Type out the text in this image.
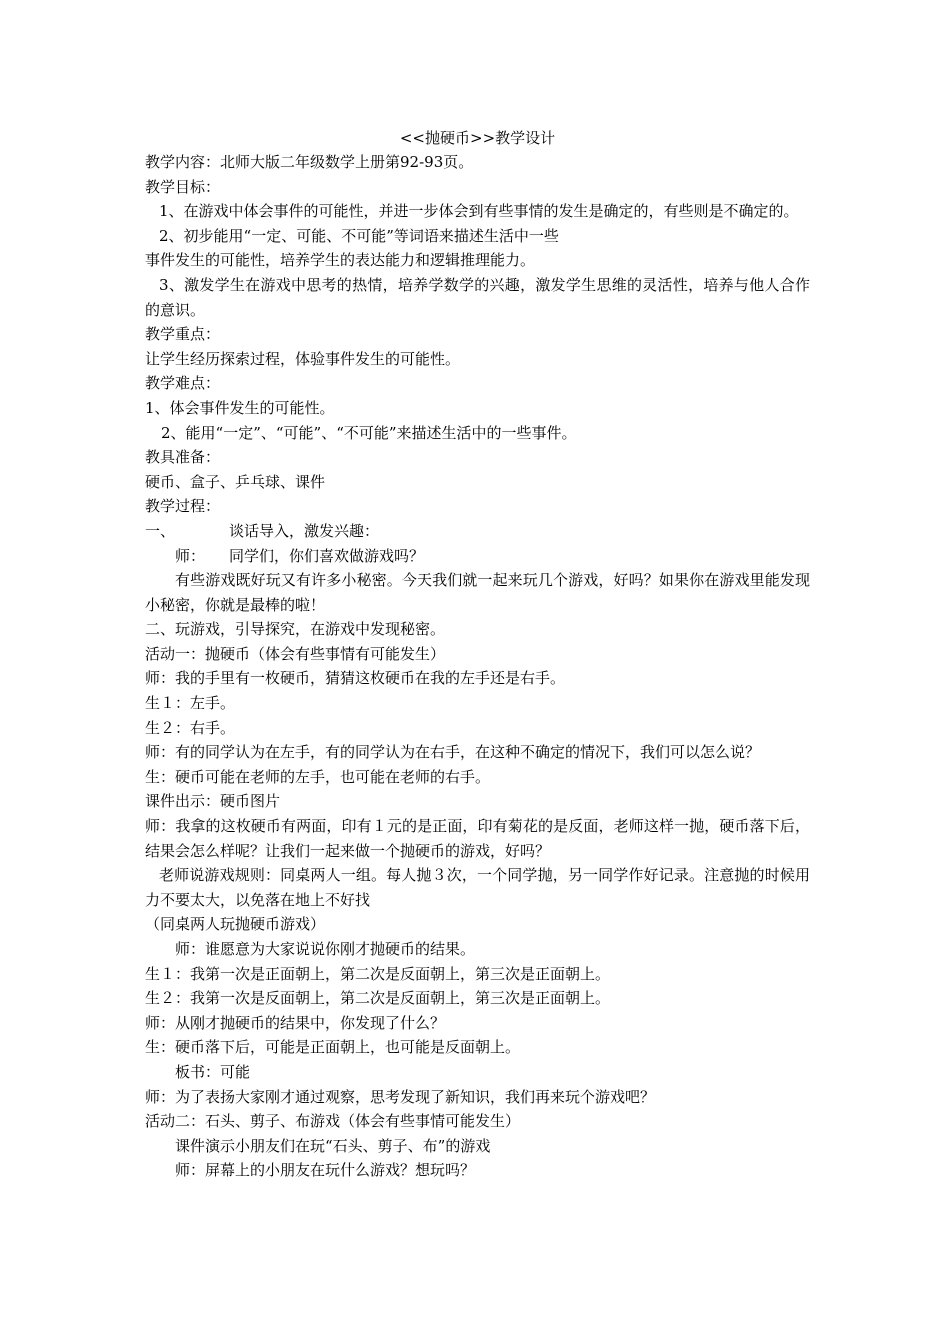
<<抛硬币>>教学设计
教学内容：北师大版二年级数学上册第92-93页。
教学目标：
1、在游戏中体会事件的可能性，并进一步体会到有些事情的发生是确定的，有些则是不确定的。
2、初步能用“一定、可能、不可能”等词语来描述生活中一些
事件发生的可能性，培养学生的表达能力和逻辑推理能力。
3、激发学生在游戏中思考的热情，培养学数学的兴趣，激发学生思维的灵活性，培养与他人合作的意识。
教学重点：
让学生经历探索过程，体验事件发生的可能性。
教学难点：
1、体会事件发生的可能性。
2、能用“一定”、“可能”、“不可能”来描述生活中的一些事件。
教具准备：
硬币、盒子、乒乓球、课件
教学过程：
一、	谈话导入，激发兴趣：
师： 同学们，你们喜欢做游戏吗？
有些游戏既好玩又有许多小秘密。今天我们就一起来玩几个游戏，好吗？如果你在游戏里能发现小秘密，你就是最棒的啦！
二、玩游戏，引导探究，在游戏中发现秘密。
活动一：抛硬币（体会有些事情有可能发生）
师：我的手里有一枚硬币，猜猜这枚硬币在我的左手还是右手。
生１：左手。
生２：右手。
师：有的同学认为在左手，有的同学认为在右手，在这种不确定的情况下，我们可以怎么说？
生：硬币可能在老师的左手，也可能在老师的右手。
课件出示：硬币图片
师：我拿的这枚硬币有两面，印有１元的是正面，印有菊花的是反面，老师这样一抛，硬币落下后，结果会怎么样呢？让我们一起来做一个抛硬币的游戏，好吗？
老师说游戏规则：同桌两人一组。每人抛３次，一个同学抛，另一同学作好记录。注意抛的时候用力不要太大，以免落在地上不好找
（同桌两人玩抛硬币游戏）
师：谁愿意为大家说说你刚才抛硬币的结果。
生１：我第一次是正面朝上，第二次是反面朝上，第三次是正面朝上。
生２：我第一次是反面朝上，第二次是反面朝上，第三次是正面朝上。
师：从刚才抛硬币的结果中，你发现了什么？
生：硬币落下后，可能是正面朝上，也可能是反面朝上。
板书：可能
师：为了表扬大家刚才通过观察，思考发现了新知识，我们再来玩个游戏吧？
活动二：石头、剪子、布游戏（体会有些事情可能发生）
课件演示小朋友们在玩“石头、剪子、布”的游戏
师：屏幕上的小朋友在玩什么游戏？想玩吗？
